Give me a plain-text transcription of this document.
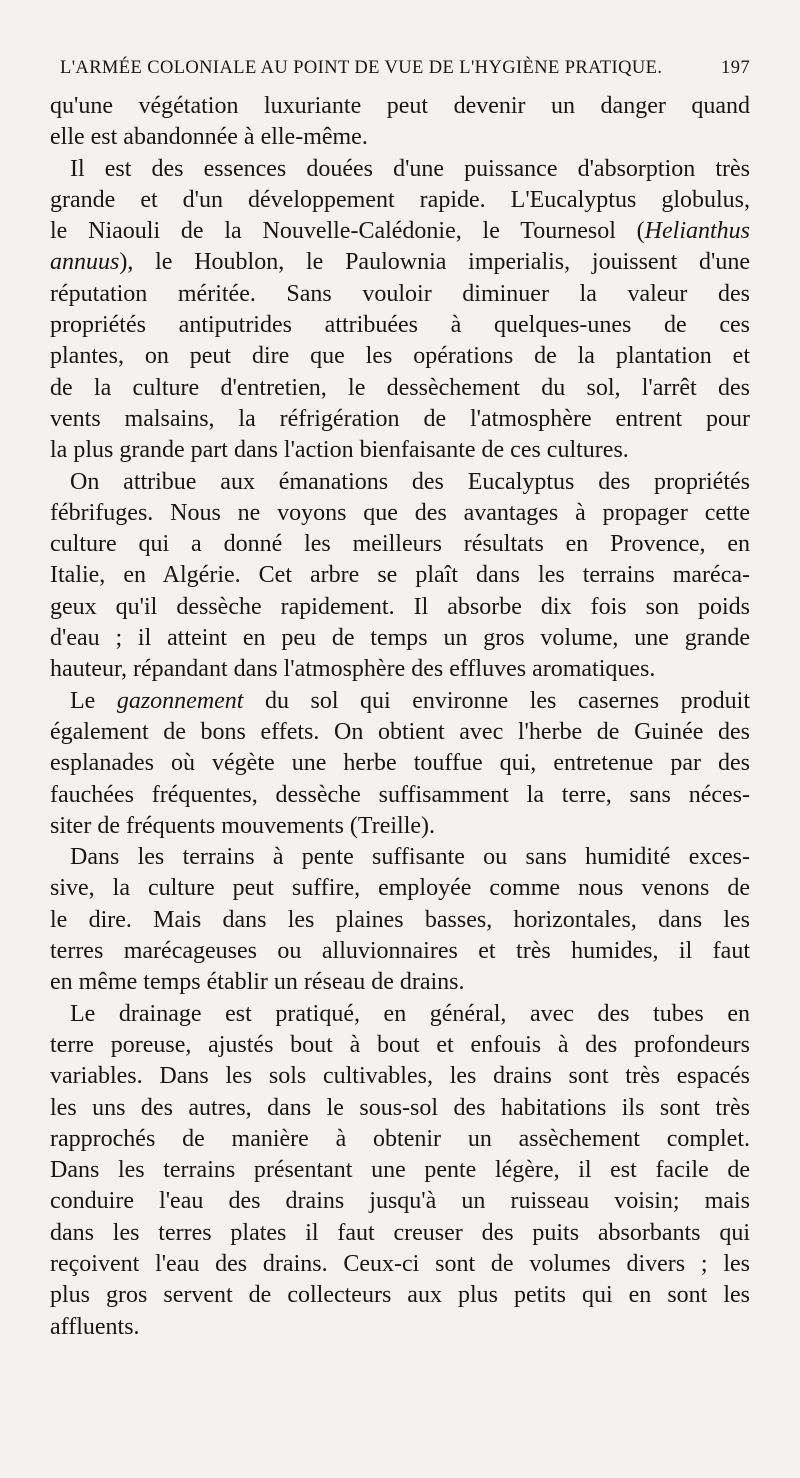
L'ARMÉE COLONIALE AU POINT DE VUE DE L'HYGIÈNE PRATIQUE.	197
qu'une végétation luxuriante peut devenir un danger quand
elle est abandonnée à elle-même.
Il est des essences douées d'une puissance d'absorption très
grande et d'un développement rapide. L'Eucalyptus globulus,
le Niaouli de la Nouvelle-Calédonie, le Tournesol (Helianthus
annuus), le Houblon, le Paulownia imperialis, jouissent d'une
réputation méritée. Sans vouloir diminuer la valeur des
propriétés antiputrides attribuées à quelques-unes de ces
plantes, on peut dire que les opérations de la plantation et
de la culture d'entretien, le dessèchement du sol, l'arrêt des
vents malsains, la réfrigération de l'atmosphère entrent pour
la plus grande part dans l'action bienfaisante de ces cultures.
On attribue aux émanations des Eucalyptus des propriétés
fébrifuges. Nous ne voyons que des avantages à propager cette
culture qui a donné les meilleurs résultats en Provence, en
Italie, en Algérie. Cet arbre se plaît dans les terrains maréca-
geux qu'il dessèche rapidement. Il absorbe dix fois son poids
d'eau ; il atteint en peu de temps un gros volume, une grande
hauteur, répandant dans l'atmosphère des effluves aromatiques.
Le gazonnement du sol qui environne les casernes produit
également de bons effets. On obtient avec l'herbe de Guinée des
esplanades où végète une herbe touffue qui, entretenue par des
fauchées fréquentes, dessèche suffisamment la terre, sans néces-
siter de fréquents mouvements (Treille).
Dans les terrains à pente suffisante ou sans humidité exces-
sive, la culture peut suffire, employée comme nous venons de
le dire. Mais dans les plaines basses, horizontales, dans les
terres marécageuses ou alluvionnaires et très humides, il faut
en même temps établir un réseau de drains.
Le drainage est pratiqué, en général, avec des tubes en
terre poreuse, ajustés bout à bout et enfouis à des profondeurs
variables. Dans les sols cultivables, les drains sont très espacés
les uns des autres, dans le sous-sol des habitations ils sont très
rapprochés de manière à obtenir un assèchement complet.
Dans les terrains présentant une pente légère, il est facile de
conduire l'eau des drains jusqu'à un ruisseau voisin; mais
dans les terres plates il faut creuser des puits absorbants qui
reçoivent l'eau des drains. Ceux-ci sont de volumes divers ; les
plus gros servent de collecteurs aux plus petits qui en sont les
affluents.
